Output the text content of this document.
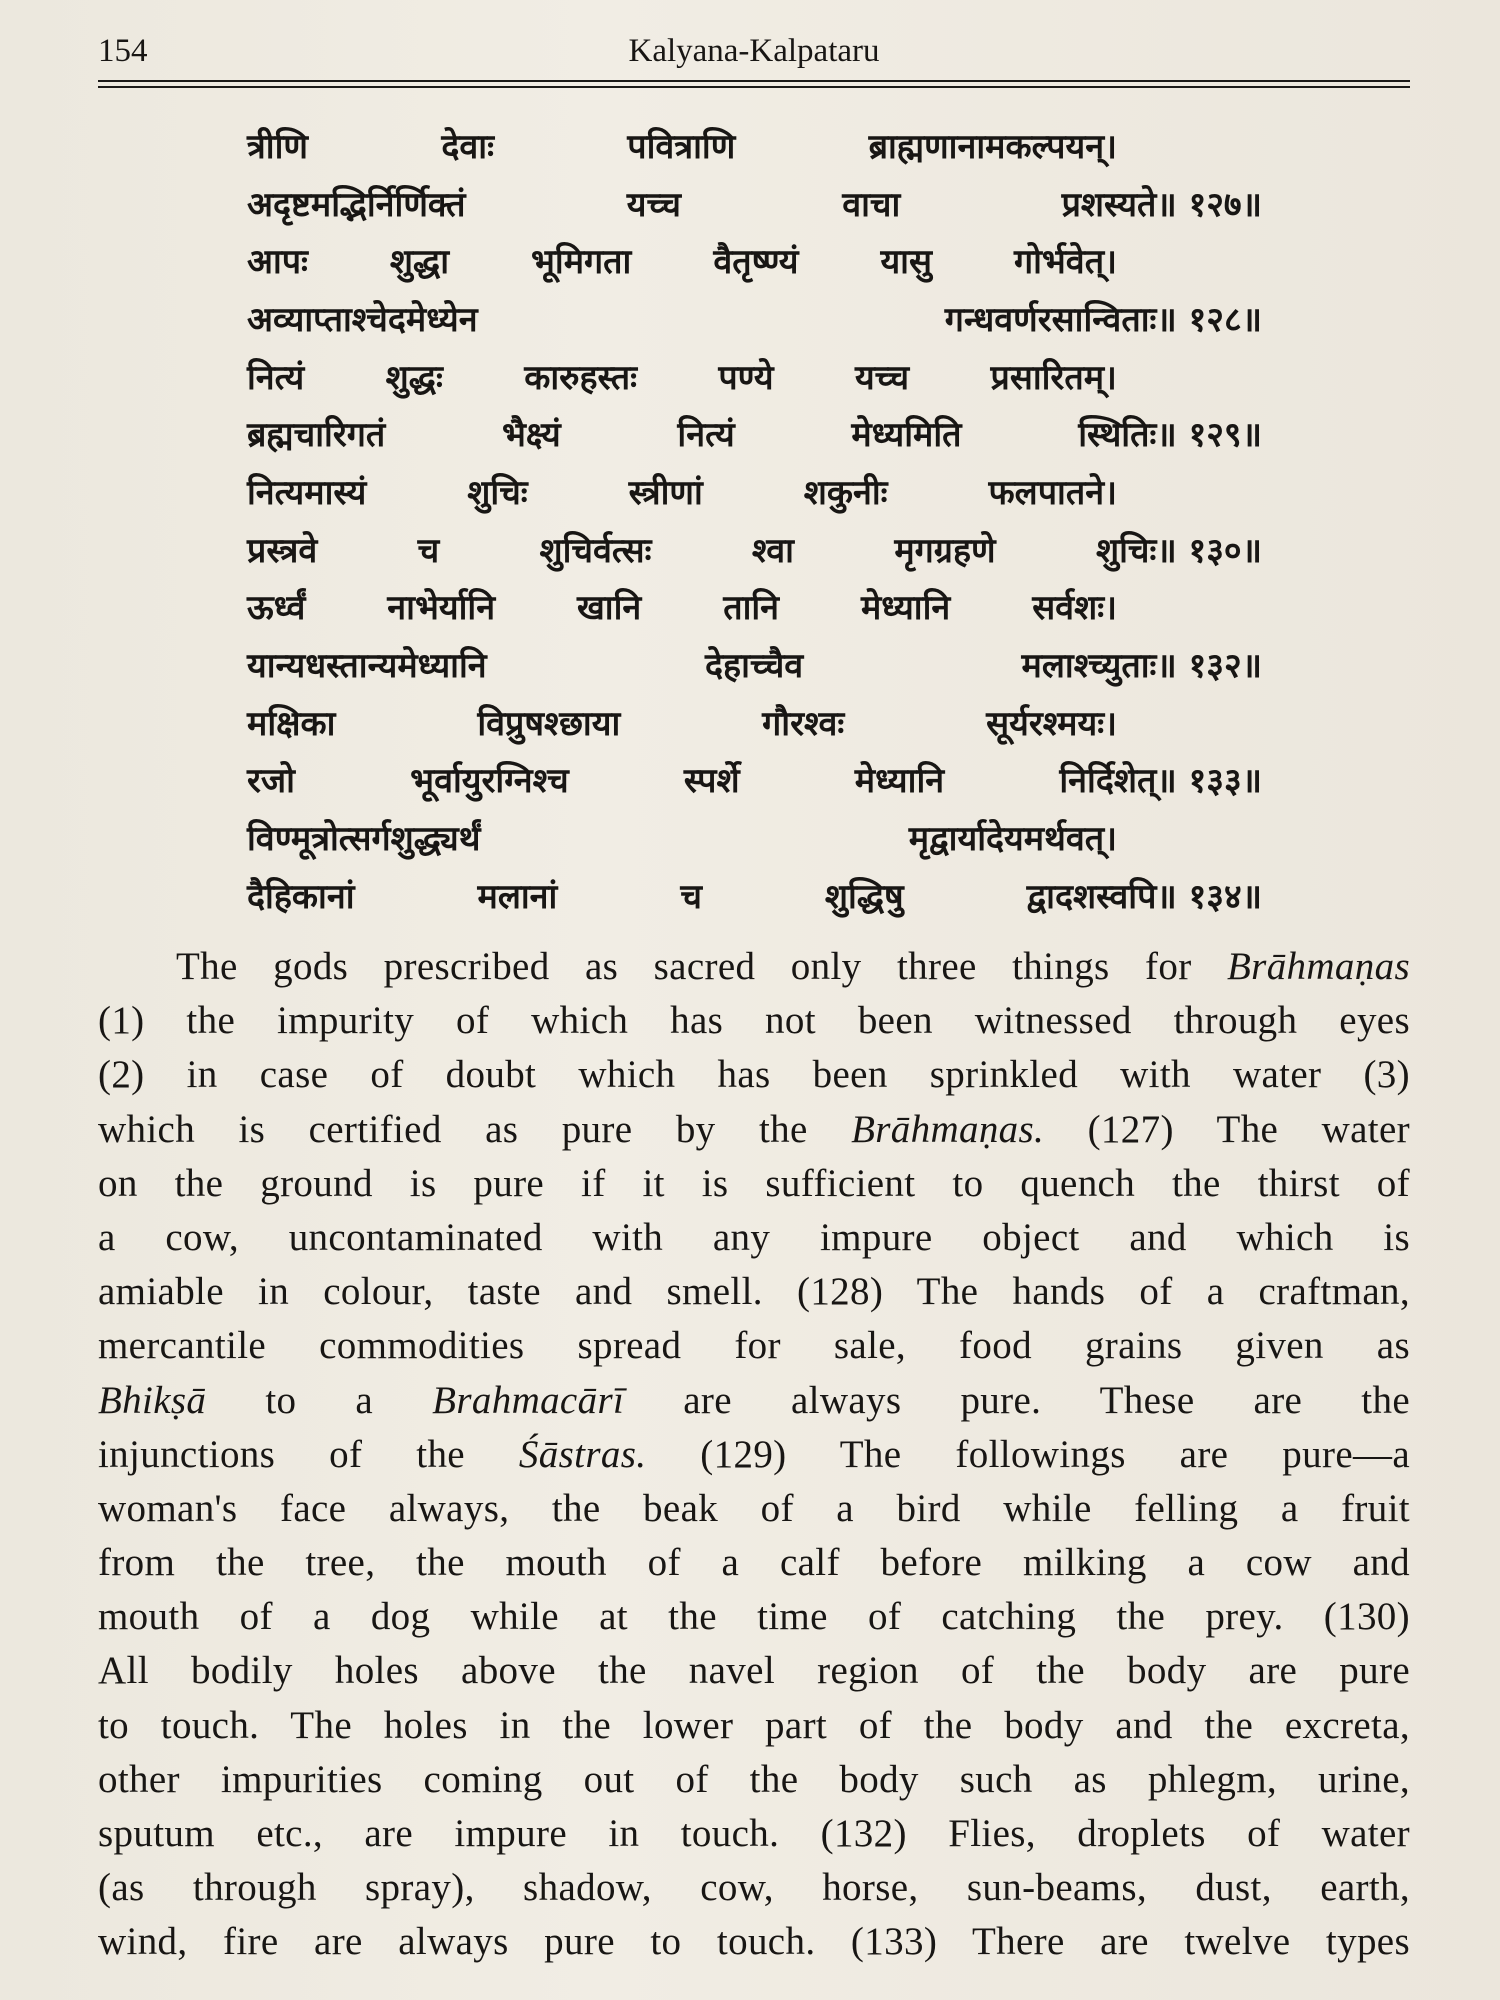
154	Kalyana-Kalpataru
त्रीणि	देवाः	पवित्राणि	ब्राह्मणानामकल्पयन्।
अदृष्टमद्भिर्निर्णिक्तं	यच्च	वाचा	प्रशस्यते॥ १२७॥
आपः शुद्धा भूमिगता वैतृष्ण्यं यासु गोर्भवेत्।
अव्याप्ताश्चेदमेध्येन	गन्धवर्णरसान्विताः॥ १२८॥
नित्यं शुद्धः कारुहस्तः पण्ये यच्च प्रसारितम्।
ब्रह्मचारिगतं	भैक्ष्यं	नित्यं	मेध्यमिति	स्थितिः॥ १२९॥
नित्यमास्यं	शुचिः	स्त्रीणां	शकुनीः	फलपातने।
प्रस्त्रवे	च	शुचिर्वत्सः	श्वा	मृगग्रहणे	शुचिः॥ १३०॥
ऊर्ध्वं नाभेर्यानि खानि तानि मेध्यानि सर्वशः।
यान्यधस्तान्यमेध्यानि	देहाच्चैव	मलाश्च्युताः॥ १३२॥
मक्षिका	विप्रुषश्छाया	गौरश्वः	सूर्यरश्मयः।
रजो	भूर्वायुरग्निश्च	स्पर्शे	मेध्यानि	निर्दिशेत्॥ १३३॥
विण्मूत्रोत्सर्गशुद्ध्यर्थं	मृद्वार्यादेयमर्थवत्।
दैहिकानां	मलानां	च	शुद्धिषु	द्वादशस्वपि॥ १३४॥
The gods prescribed as sacred only three things for Brāhmaṇas
(1) the impurity of which has not been witnessed through eyes
(2) in case of doubt which has been sprinkled with water (3)
which is certified as pure by the Brāhmaṇas. (127) The water
on the ground is pure if it is sufficient to quench the thirst of
a cow, uncontaminated with any impure object and which is
amiable in colour, taste and smell. (128) The hands of a craftman,
mercantile commodities spread for sale, food grains given as
Bhikṣā to a Brahmacārī are always pure. These are the
injunctions of the Śāstras. (129) The followings are pure—a
woman's face always, the beak of a bird while felling a fruit
from the tree, the mouth of a calf before milking a cow and
mouth of a dog while at the time of catching the prey. (130)
All bodily holes above the navel region of the body are pure
to touch. The holes in the lower part of the body and the excreta,
other impurities coming out of the body such as phlegm, urine,
sputum etc., are impure in touch. (132) Flies, droplets of water
(as through spray), shadow, cow, horse, sun-beams, dust, earth,
wind, fire are always pure to touch. (133) There are twelve types
